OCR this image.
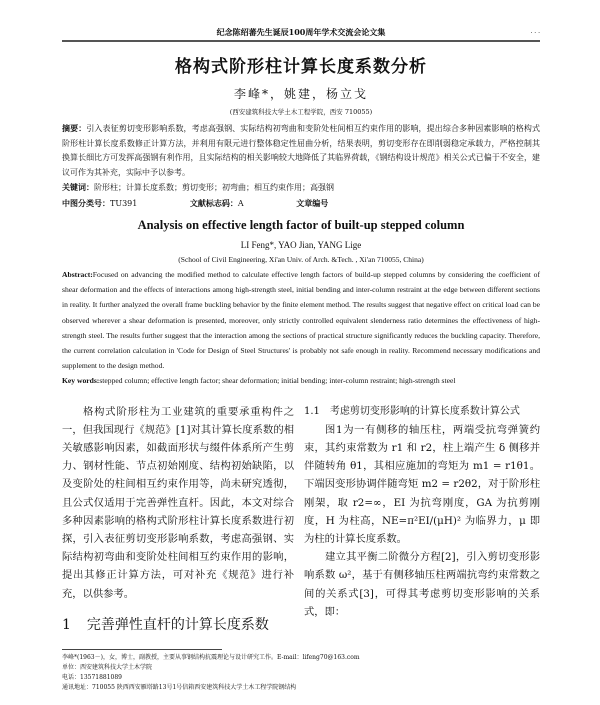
纪念陈绍蕃先生诞辰100周年学术交流会论文集	· · ·
格构式阶形柱计算长度系数分析
李峰*，姚建，杨立戈
(西安建筑科技大学土木工程学院，西安 710055)
摘要：引入表征剪切变形影响系数，考虑高强钢、实际结构初弯曲和变阶处柱间相互约束作用的影响，提出综合多种因素影响的格构式阶形柱计算长度系数修正计算方法，并利用有限元进行整体稳定性屈曲分析，结果表明，剪切变形存在即削弱稳定承载力，严格控制其换算长细比方可发挥高强钢有利作用，且实际结构的相关影响较大地降低了其临界荷载，《钢结构设计规范》相关公式已偏于不安全，建议可作为其补充，实际中予以参考。
关键词：阶形柱；计算长度系数；剪切变形；初弯曲；相互约束作用；高强钢
中图分类号：TU391	文献标志码：A	文章编号
Analysis on effective length factor of built-up stepped column
LI Feng*, YAO Jian, YANG Lige
(School of Civil Engineering, Xi'an Univ. of Arch. &Tech. , Xi'an 710055, China)
Abstract:Focused on advancing the modified method to calculate effective length factors of build-up stepped columns by considering the coefficient of shear deformation and the effects of interactions among high-strength steel, initial bending and inter-column restraint at the edge between different sections in reality. It further analyzed the overall frame buckling behavior by the finite element method. The results suggest that negative effect on critical load can be observed wherever a shear deformation is presented, moreover, only strictly controlled equivalent slenderness ratio determines the effectiveness of high-strength steel. The results further suggest that the interaction among the sections of practical structure significantly reduces the buckling capacity. Therefore, the current correlation calculation in 'Code for Design of Steel Structures' is probably not safe enough in reality. Recommend necessary modifications and supplement to the design method.
Key words:stepped column; effective length factor; shear deformation; initial bending; inter-column restraint; high-strength steel

格构式阶形柱为工业建筑的重要承重构件之一，但我国现行《规范》[1]对其计算长度系数的相关敏感影响因素，如截面形状与缀件体系所产生剪力、钢材性能、节点初始刚度、结构初始缺陷，以及变阶处的柱间相互约束作用等，尚未研究透彻，且公式仅适用于完善弹性直杆。因此，本文对综合多种因素影响的格构式阶形柱计算长度系数进行初探，引入表征剪切变形影响系数，考虑高强钢、实际结构初弯曲和变阶处柱间相互约束作用的影响，提出其修正计算方法，可对补充《规范》进行补充，以供参考。

1 完善弹性直杆的计算长度系数

1.1　考虑剪切变形影响的计算长度系数计算公式

图1为一有侧移的轴压柱，两端受抗弯弹簧约束，其约束常数为 r1 和 r2，柱上端产生 δ 侧移并伴随转角 θ1，其相应施加的弯矩为 m1 = r1θ1。下端因变形协调伴随弯矩 m2 = r2θ2，对于阶形柱刚架，取 r2=∞，EI 为抗弯刚度，GA 为抗剪刚度，H 为柱高，NE=π²EI/(μH)² 为临界力，μ 即为柱的计算长度系数。

建立其平衡二阶微分方程[2]，引入剪切变形影响系数 ω²，基于有侧移轴压柱两端抗弯约束常数之间的关系式[3]，可得其考虑剪切变形影响的关系式，即：

李峰*(1963－)，女，博士，副教授，主要从事钢结构抗震理论与设计研究工作。E-mail：lifeng70@163.com
单位：西安建筑科技大学土木学院
电话：13571881089
通讯地址：710055 陕西西安雁塔路13号1号信箱西安建筑科技大学土木工程学院钢结构
